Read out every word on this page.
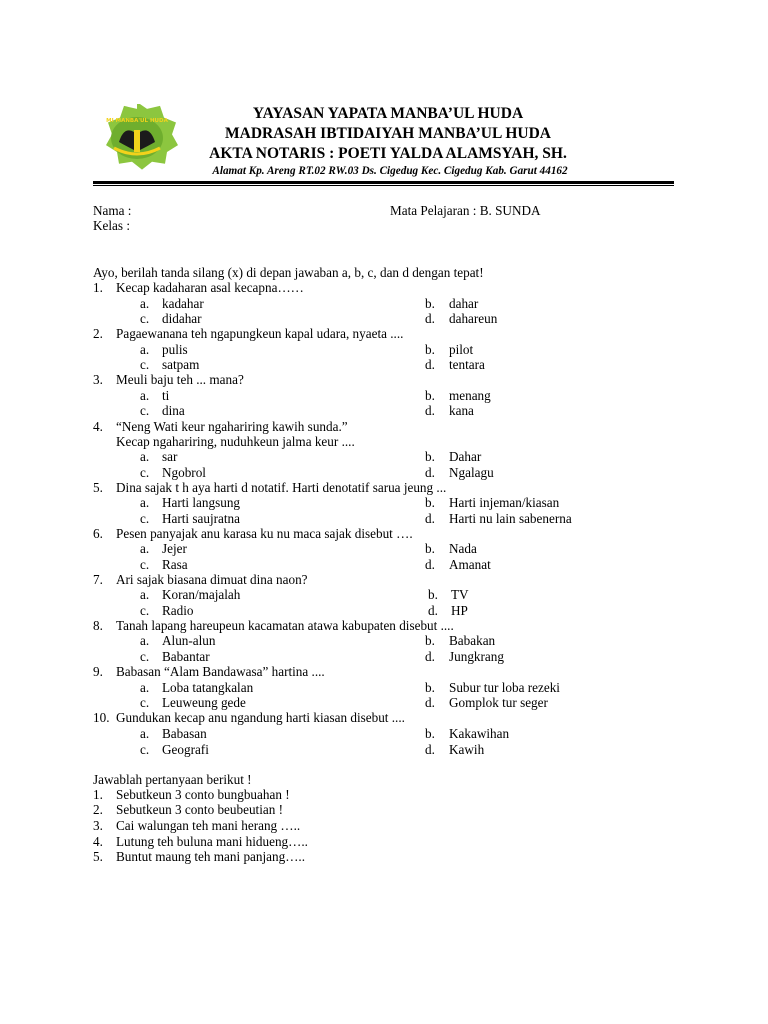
MI MANBA'UL HUDA	YAYASAN YAPATA MANBA’UL HUDA
MADRASAH IBTIDAIYAH MANBA’UL HUDA
AKTA NOTARIS : POETI YALDA ALAMSYAH, SH.
Alamat Kp. Areng RT.02 RW.03 Ds. Cigedug Kec. Cigedug Kab. Garut 44162
Nama :
Kelas :
Mata Pelajaran : B. SUNDA
Ayo, berilah tanda silang (x) di depan jawaban a, b, c, dan d dengan tepat!
1. Kecap kadaharan asal kecapna……
a. kadahar	b. dahar
c. didahar	d. dahareun
2. Pagaewanana teh ngapungkeun kapal udara, nyaeta ....
a. pulis	b. pilot
c. satpam	d. tentara
3. Meuli baju teh ... mana?
a. ti	b. menang
c. dina	d. kana
4. “Neng Wati keur ngahariring kawih sunda.”
Kecap ngahariring, nuduhkeun jalma keur ....
a. sar	b. Dahar
c. Ngobrol	d. Ngalagu
5. Dina sajak t h aya harti d notatif. Harti denotatif sarua jeung ...
a. Harti langsung	b. Harti injeman/kiasan
c. Harti saujratna	d. Harti nu lain sabenerna
6. Pesen panyajak anu karasa ku nu maca sajak disebut ….
a. Jejer	b. Nada
c. Rasa	d. Amanat
7. Ari sajak biasana dimuat dina naon?
a. Koran/majalah	b. TV
c. Radio	d. HP
8. Tanah lapang hareupeun kacamatan atawa kabupaten disebut ....
a. Alun-alun	b. Babakan
c. Babantar	d. Jungkrang
9. Babasan “Alam Bandawasa” hartina ....
a. Loba tatangkalan	b. Subur tur loba rezeki
c. Leuweung gede	d. Gomplok tur seger
10. Gundukan kecap anu ngandung harti kiasan disebut ....
a. Babasan	b. Kakawihan
c. Geografi	d. Kawih
Jawablah pertanyaan berikut !
1. Sebutkeun 3 conto bungbuahan !
2. Sebutkeun 3 conto beubeutian !
3. Cai walungan teh mani herang …..
4. Lutung teh buluna mani hidueng…..
5. Buntut maung teh mani panjang…..
